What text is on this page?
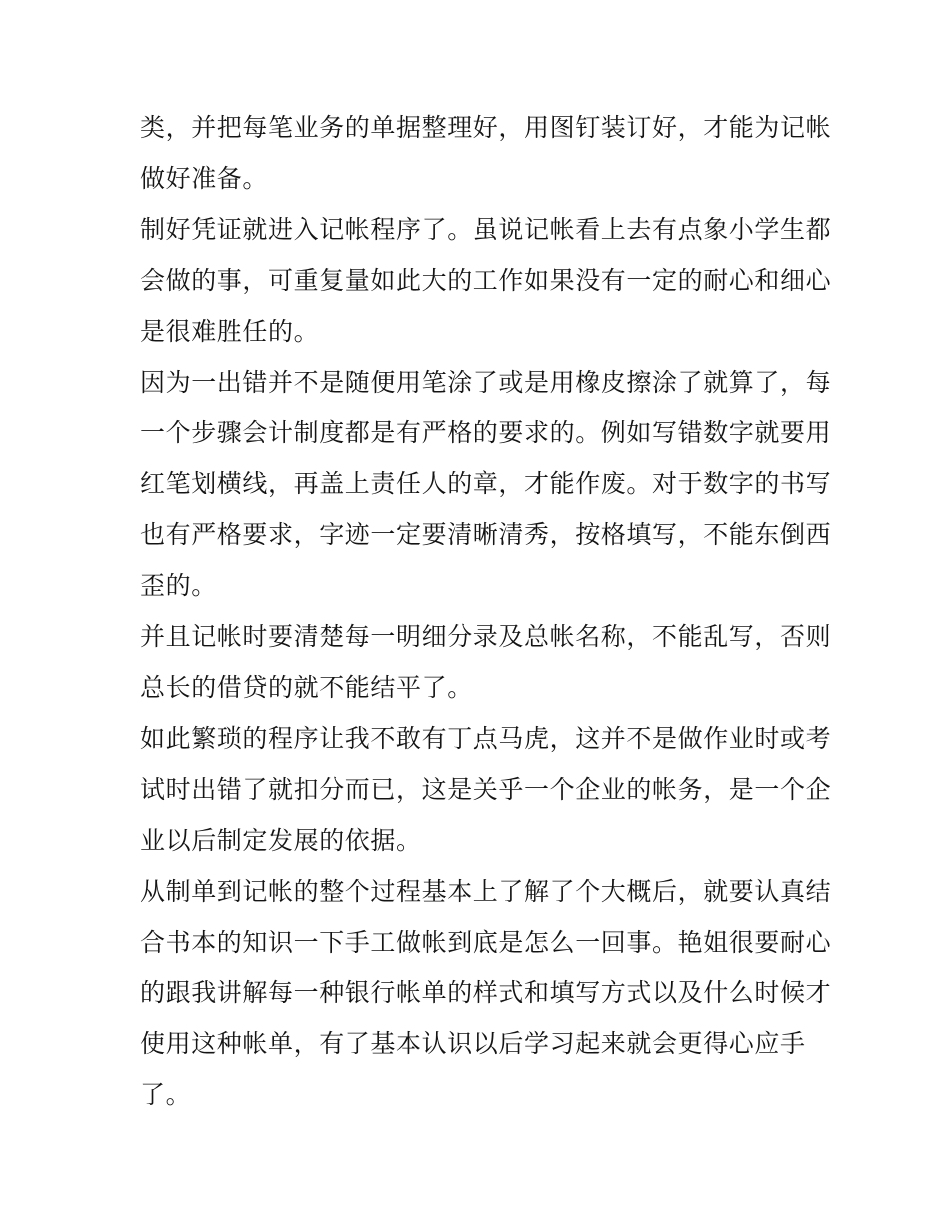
类，并把每笔业务的单据整理好，用图钉装订好，才能为记帐
做好准备。
制好凭证就进入记帐程序了。虽说记帐看上去有点象小学生都
会做的事，可重复量如此大的工作如果没有一定的耐心和细心
是很难胜任的。
因为一出错并不是随便用笔涂了或是用橡皮擦涂了就算了，每
一个步骤会计制度都是有严格的要求的。例如写错数字就要用
红笔划横线，再盖上责任人的章，才能作废。对于数字的书写
也有严格要求，字迹一定要清晰清秀，按格填写，不能东倒西
歪的。
并且记帐时要清楚每一明细分录及总帐名称，不能乱写，否则
总长的借贷的就不能结平了。
如此繁琐的程序让我不敢有丁点马虎，这并不是做作业时或考
试时出错了就扣分而已，这是关乎一个企业的帐务，是一个企
业以后制定发展的依据。
从制单到记帐的整个过程基本上了解了个大概后，就要认真结
合书本的知识一下手工做帐到底是怎么一回事。艳姐很要耐心
的跟我讲解每一种银行帐单的样式和填写方式以及什么时候才
使用这种帐单，有了基本认识以后学习起来就会更得心应手
了。
